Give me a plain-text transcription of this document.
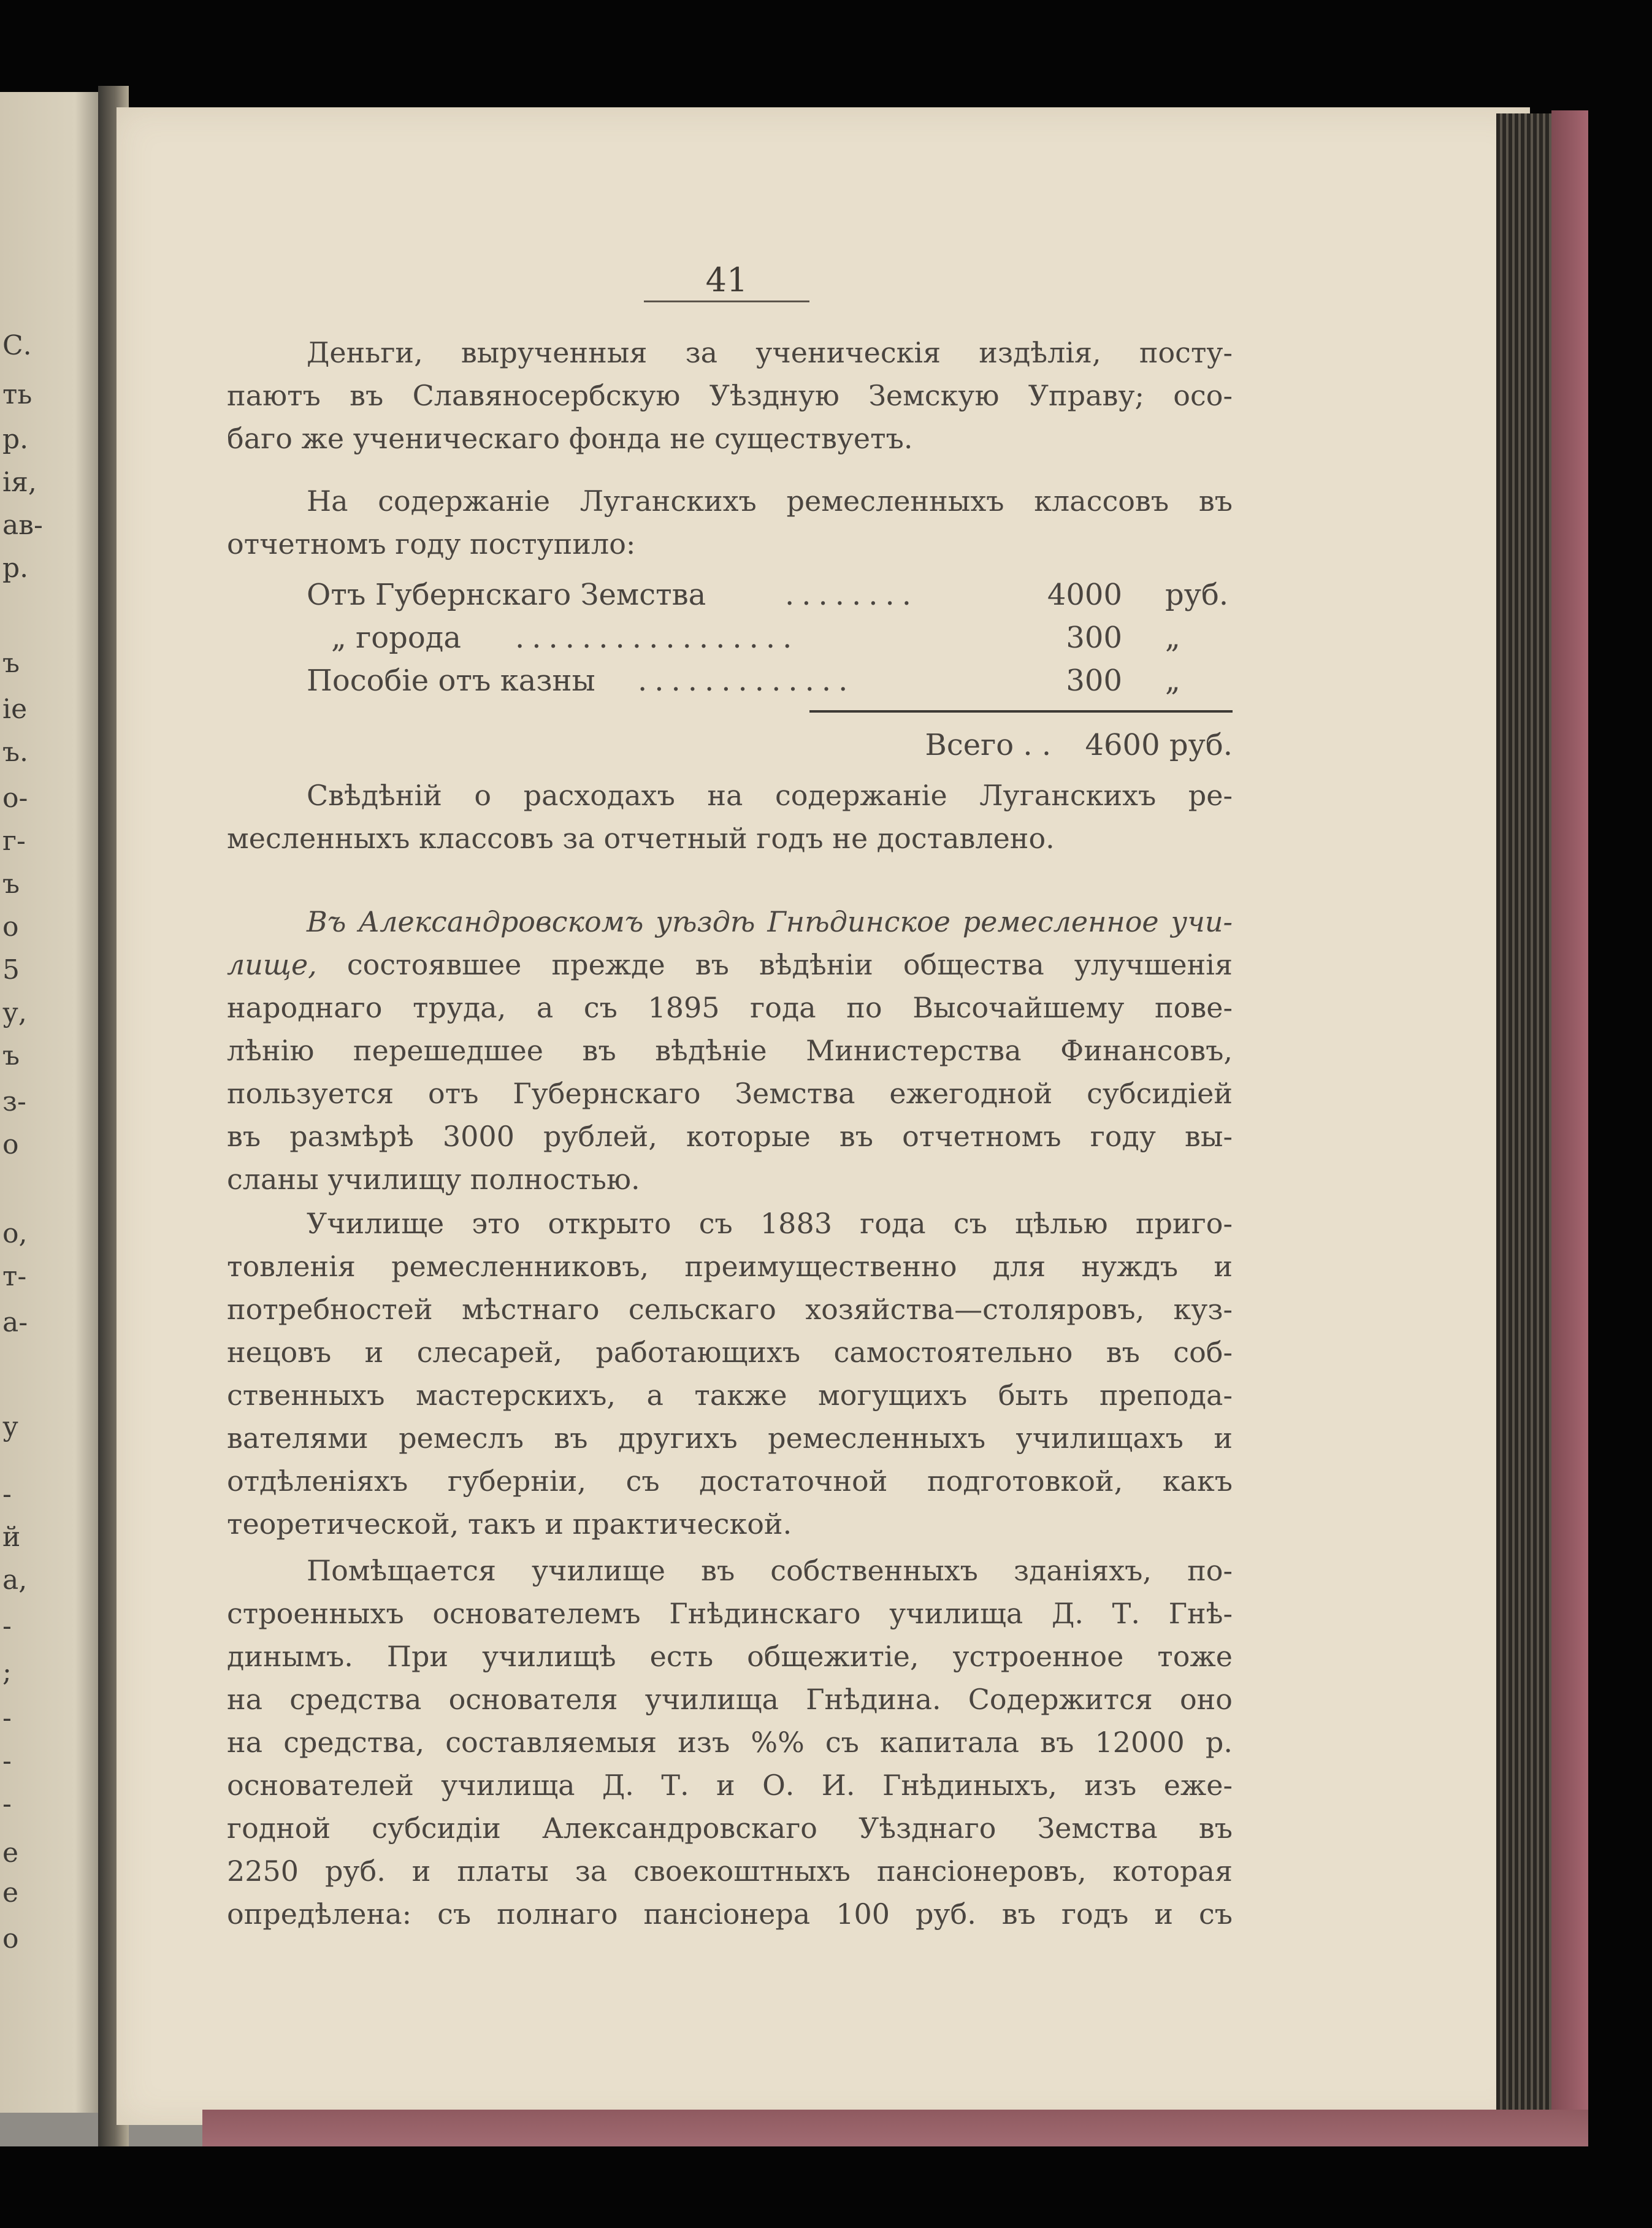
С.
ть
р.
ія,
ав-
р.
ъ
іе
ъ.
о-
г-
ъ
о
5
у,
ъ
з-
о
о,
т-
а-
у
-
й
а,
-
;
-
-
-
е
е
о
41
Деньги, вырученныя за ученическія издѣлія, посту-
паютъ въ Славяносербскую Уѣздную Земскую Управу; осо-
баго же ученическаго фонда не существуетъ.
На содержаніе Луганскихъ ремесленныхъ классовъ въ
отчетномъ году поступило:
Отъ Губернскаго Земства	........	4000 руб.
„ города .................	300	„
Пособіе отъ казны .............	300	„
Всего . . 4600 руб.
Свѣдѣній о расходахъ на содержаніе Луганскихъ ре-
месленныхъ классовъ за отчетный годъ не доставлено.
Въ Александровскомъ уѣздѣ Гнѣдинское ремесленное учи-
лище, состоявшее прежде въ вѣдѣніи общества улучшенія
народнаго труда, а съ 1895 года по Высочайшему пове-
лѣнію перешедшее въ вѣдѣніе Министерства Финансовъ,
пользуется отъ Губернскаго Земства ежегодной субсидіей
въ размѣрѣ 3000 рублей, которые въ отчетномъ году вы-
сланы училищу полностью.
Училище это открыто съ 1883 года съ цѣлью приго-
товленія ремесленниковъ, преимущественно для нуждъ и
потребностей мѣстнаго сельскаго хозяйства—столяровъ, куз-
нецовъ и слесарей, работающихъ самостоятельно въ соб-
ственныхъ мастерскихъ, а также могущихъ быть препода-
вателями ремеслъ въ другихъ ремесленныхъ училищахъ и
отдѣленіяхъ губерніи, съ достаточной подготовкой, какъ
теоретической, такъ и практической.
Помѣщается училище въ собственныхъ зданіяхъ, по-
строенныхъ основателемъ Гнѣдинскаго училища Д. Т. Гнѣ-
динымъ. При училищѣ есть общежитіе, устроенное тоже
на средства основателя училища Гнѣдина. Содержится оно
на средства, составляемыя изъ %% съ капитала въ 12000 р.
основателей училища Д. Т. и О. И. Гнѣдиныхъ, изъ еже-
годной субсидіи Александровскаго Уѣзднаго Земства въ
2250 руб. и платы за своекоштныхъ пансіонеровъ, которая
опредѣлена: съ полнаго пансіонера 100 руб. въ годъ и съ
